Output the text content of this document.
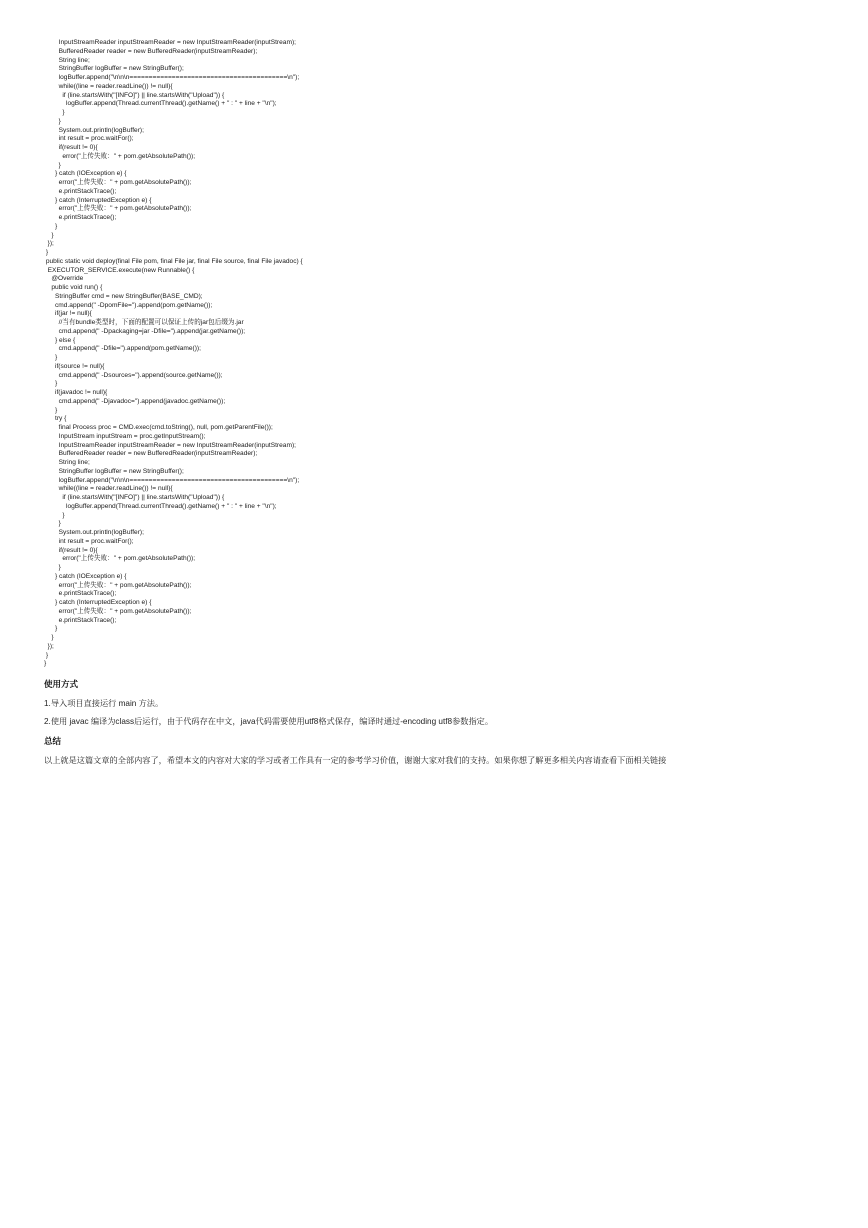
InputStreamReader inputStreamReader = new InputStreamReader(inputStream);
BufferedReader reader = new BufferedReader(inputStreamReader);
String line;
StringBuffer logBuffer = new StringBuffer();
logBuffer.append("\n\n\n=========================================\n");
while((line = reader.readLine()) != null){
if (line.startsWith("[INFO]") || line.startsWith("Upload")) {
logBuffer.append(Thread.currentThread().getName() + " : " + line + "\n");
}
}
System.out.println(logBuffer);
int result = proc.waitFor();
if(result != 0){
error("上传失败：" + pom.getAbsolutePath());
}
} catch (IOException e) {
error("上传失败：" + pom.getAbsolutePath());
e.printStackTrace();
} catch (InterruptedException e) {
error("上传失败：" + pom.getAbsolutePath());
e.printStackTrace();
}
}
});
}
public static void deploy(final File pom, final File jar, final File source, final File javadoc) {
EXECUTOR_SERVICE.execute(new Runnable() {
@Override
public void run() {
StringBuffer cmd = new StringBuffer(BASE_CMD);
cmd.append(" -DpomFile=").append(pom.getName());
if(jar != null){
//当有bundle类型时，下面的配置可以保证上传的jar包后缀为.jar
cmd.append(" -Dpackaging=jar -Dfile=").append(jar.getName());
} else {
cmd.append(" -Dfile=").append(pom.getName());
}
if(source != null){
cmd.append(" -Dsources=").append(source.getName());
}
if(javadoc != null){
cmd.append(" -Djavadoc=").append(javadoc.getName());
}
try {
final Process proc = CMD.exec(cmd.toString(), null, pom.getParentFile());
InputStream inputStream = proc.getInputStream();
InputStreamReader inputStreamReader = new InputStreamReader(inputStream);
BufferedReader reader = new BufferedReader(inputStreamReader);
String line;
StringBuffer logBuffer = new StringBuffer();
logBuffer.append("\n\n\n=========================================\n");
while((line = reader.readLine()) != null){
if (line.startsWith("[INFO]") || line.startsWith("Upload")) {
logBuffer.append(Thread.currentThread().getName() + " : " + line + "\n");
}
}
System.out.println(logBuffer);
int result = proc.waitFor();
if(result != 0){
error("上传失败：" + pom.getAbsolutePath());
}
} catch (IOException e) {
error("上传失败：" + pom.getAbsolutePath());
e.printStackTrace();
} catch (InterruptedException e) {
error("上传失败：" + pom.getAbsolutePath());
e.printStackTrace();
}
}
});
}
}
使用方式
1.导入项目直接运行 main 方法。
2.使用 javac 编译为class后运行，由于代码存在中文，java代码需要使用utf8格式保存，编译时通过-encoding utf8参数指定。
总结
以上就是这篇文章的全部内容了，希望本文的内容对大家的学习或者工作具有一定的参考学习价值，谢谢大家对我们的支持。如果你想了解更多相关内容请查看下面相关链接
